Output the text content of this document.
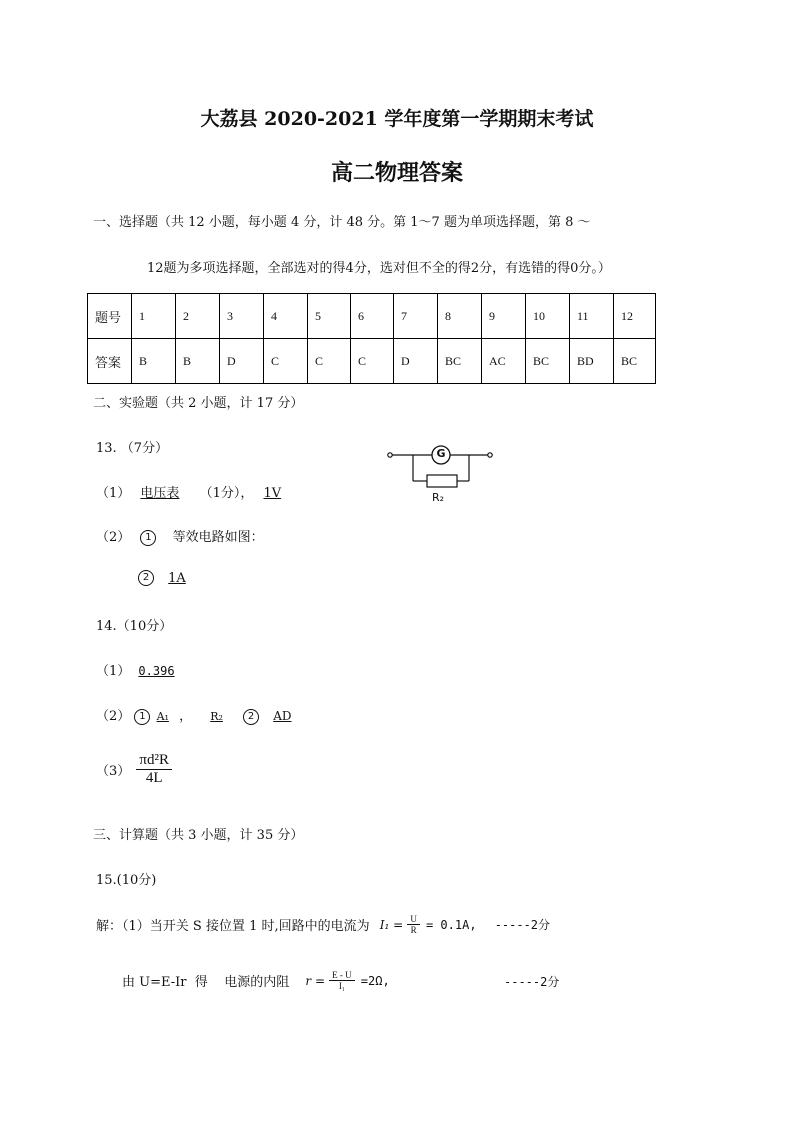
大荔县 2020-2021 学年度第一学期期末考试
高二物理答案
一、选择题（共 12 小题，每小题 4 分，计 48 分。第 1～7 题为单项选择题，第 8 ～
12题为多项选择题，全部选对的得4分，选对但不全的得2分，有选错的得0分。）
题号	1	2	3	4	5	6	7	8	9	10	11	12
答案	B	B	D	C	C	C	D	BC	AC	BC	BD	BC
二、实验题（共 2 小题，计 17 分）
13. （7分）	G
R₂
（1） 电压表 （1分）， 1V
（2） 1 等效电路如图：
2 1A
14.（10分）
（1） 0.396
（2） 1 A₁ ， R₂ 2 AD
$(3) \frac{\text{πd²R}}{4L}$
三、计算题（共 3 小题，计 35 分）
15.(10分)
解：（1）当开关 S 接位置 1 时,回路中的电流为 $I_1 = \frac{U}{R} = 0.1A$, -----2分
由 U=E-Ir  得    电源的内阻 $r = \frac{E - U}{\text{I₁}} =2\Omega$,	-----2分
